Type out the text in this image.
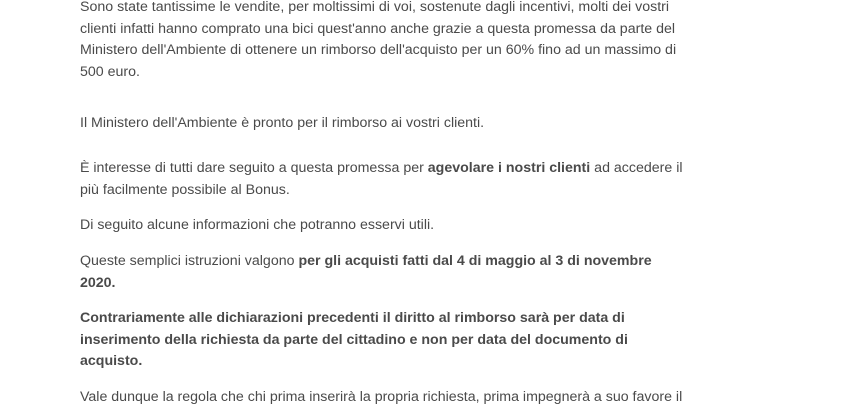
Sono state tantissime le vendite, per moltissimi di voi, sostenute dagli incentivi, molti dei vostri
clienti infatti hanno comprato una bici quest'anno anche grazie a questa promessa da parte del
Ministero dell'Ambiente di ottenere un rimborso dell'acquisto per un 60% fino ad un massimo di
500 euro.

Il Ministero dell'Ambiente è pronto per il rimborso ai vostri clienti.

È interesse di tutti dare seguito a questa promessa per agevolare i nostri clienti ad accedere il
più facilmente possibile al Bonus.

Di seguito alcune informazioni che potranno esservi utili.

Queste semplici istruzioni valgono per gli acquisti fatti dal 4 di maggio al 3 di novembre
2020.

Contrariamente alle dichiarazioni precedenti il diritto al rimborso sarà per data di
inserimento della richiesta da parte del cittadino e non per data del documento di
acquisto.

Vale dunque la regola che chi prima inserirà la propria richiesta, prima impegnerà a suo favore il
